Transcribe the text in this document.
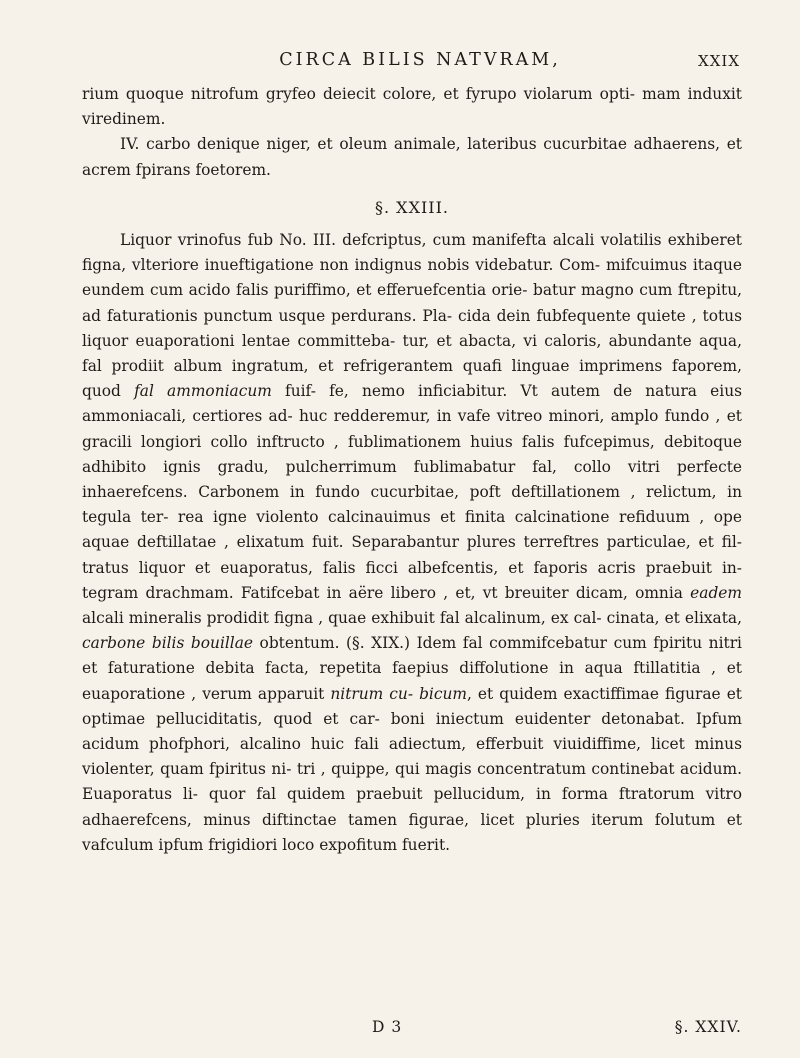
CIRCA BILIS NATVRAM,	XXIX

rium quoque nitrofum gryfeo deiecit colore, et fyrupo violarum opti- mam induxit viredinem.

IV. carbo denique niger, et oleum animale, lateribus cucurbitae adhaerens, et acrem fpirans foetorem.

§. XXIII.

Liquor vrinofus fub No. III. defcriptus, cum manifefta alcali volatilis exhiberet figna, vlteriore inueftigatione non indignus nobis videbatur. Com- mifcuimus itaque eundem cum acido falis puriffimo, et efferuefcentia orie- batur magno cum ftrepitu, ad faturationis punctum usque perdurans. Pla- cida dein fubfequente quiete , totus liquor euaporationi lentae committeba- tur, et abacta, vi caloris, abundante aqua, fal prodiit album ingratum, et refrigerantem quafi linguae imprimens faporem, quod fal ammoniacum fuif- fe, nemo inficiabitur. Vt autem de natura eius ammoniacali, certiores ad- huc redderemur, in vafe vitreo minori, amplo fundo , et gracili longiori collo inftructo , fublimationem huius falis fufcepimus, debitoque adhibito ignis gradu, pulcherrimum fublimabatur fal, collo vitri perfecte inhaerefcens. Carbonem in fundo cucurbitae, poft deftillationem , relictum, in tegula ter- rea igne violento calcinauimus et finita calcinatione refiduum , ope aquae deftillatae , elixatum fuit. Separabantur plures terreftres particulae, et fil- tratus liquor et euaporatus, falis ficci albefcentis, et faporis acris praebuit in- tegram drachmam. Fatifcebat in aëre libero , et, vt breuiter dicam, omnia eadem alcali mineralis prodidit figna , quae exhibuit fal alcalinum, ex cal- cinata, et elixata, carbone bilis bouillae obtentum. (§. XIX.) Idem fal commifcebatur cum fpiritu nitri et faturatione debita facta, repetita faepius diffolutione in aqua ftillatitia , et euaporatione , verum apparuit nitrum cu- bicum, et quidem exactiffimae figurae et optimae pelluciditatis, quod et car- boni iniectum euidenter detonabat. Ipfum acidum phofphori, alcalino huic fali adiectum, efferbuit viuidiffime, licet minus violenter, quam fpiritus ni- tri , quippe, qui magis concentratum continebat acidum. Euaporatus li- quor fal quidem praebuit pellucidum, in forma ftratorum vitro adhaerefcens, minus diftinctae tamen figurae, licet pluries iterum folutum et vafculum ipfum frigidiori loco expofitum fuerit.

D 3	§. XXIV.
